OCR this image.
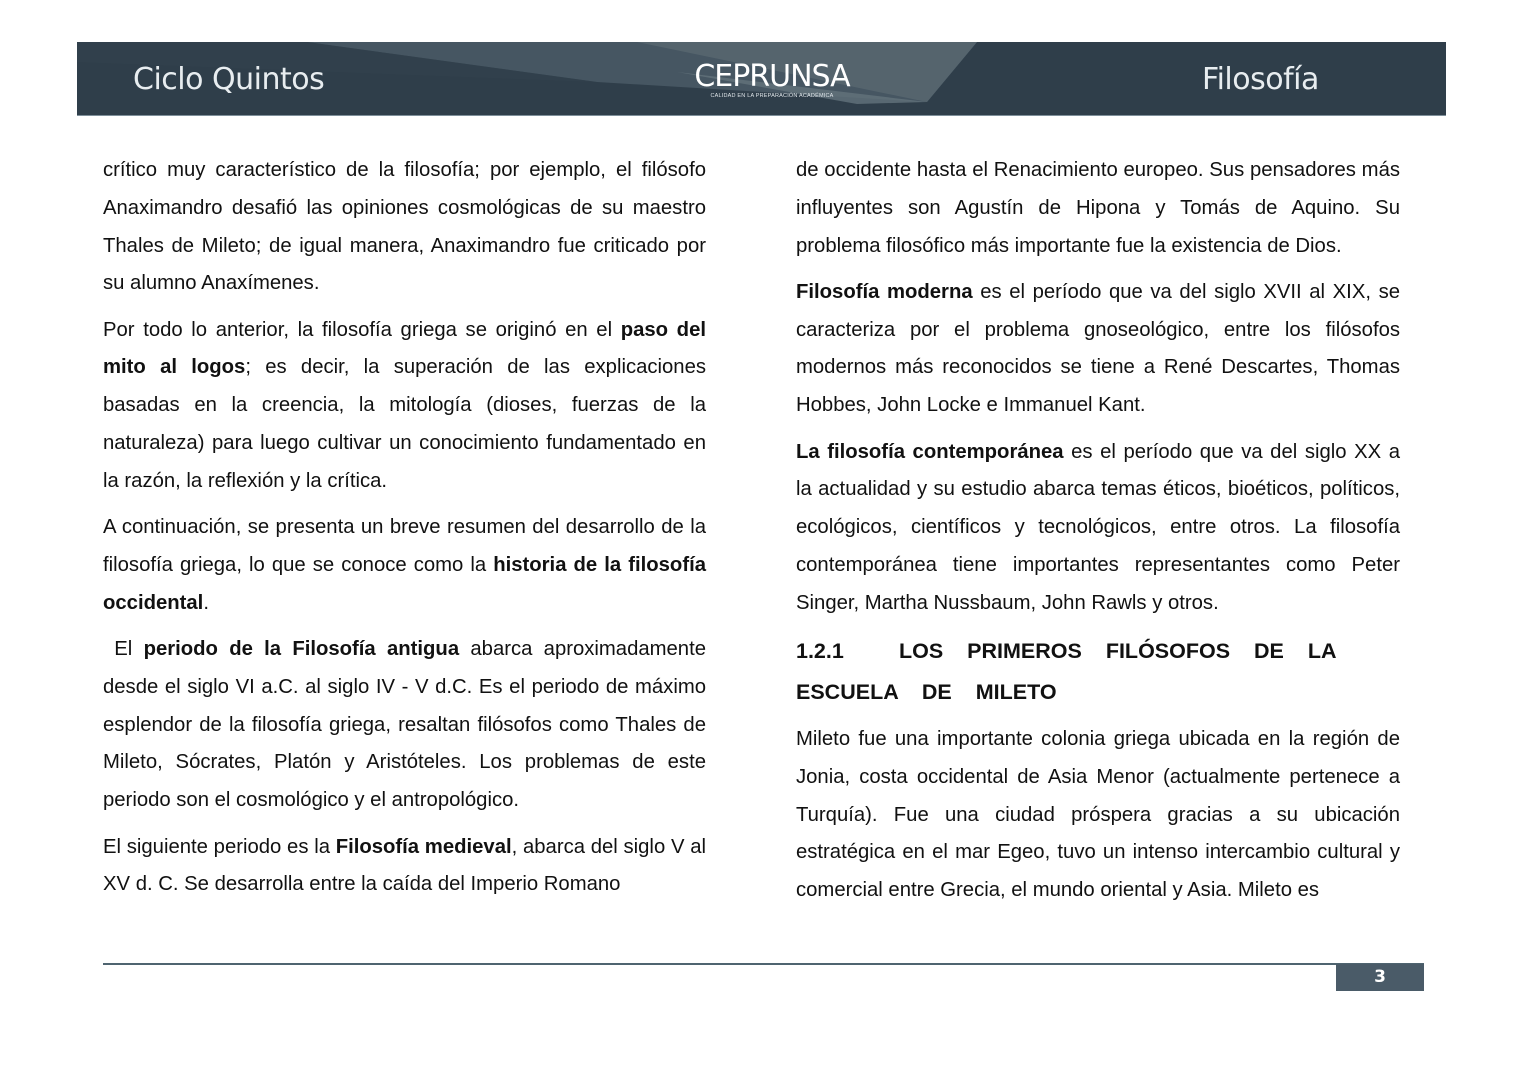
Ciclo Quintos	CEPRUNSA
CALIDAD EN LA PREPARACIÓN ACADÉMICA	Filosofía

crítico muy característico de la filosofía; por ejemplo, el filósofo Anaximandro desafió las opiniones cosmológicas de su maestro Thales de Mileto; de igual manera, Anaximandro fue criticado por su alumno Anaxímenes.

Por todo lo anterior, la filosofía griega se originó en el paso del mito al logos; es decir, la superación de las explicaciones basadas en la creencia, la mitología (dioses, fuerzas de la naturaleza) para luego cultivar un conocimiento fundamentado en la razón, la reflexión y la crítica.

A continuación, se presenta un breve resumen del desarrollo de la filosofía griega, lo que se conoce como la historia de la filosofía occidental.

El periodo de la Filosofía antigua abarca aproximadamente desde el siglo VI a.C. al siglo IV - V d.C. Es el periodo de máximo esplendor de la filosofía griega, resaltan filósofos como Thales de Mileto, Sócrates, Platón y Aristóteles. Los problemas de este periodo son el cosmológico y el antropológico.

El siguiente periodo es la Filosofía medieval, abarca del siglo V al XV d. C. Se desarrolla entre la caída del Imperio Romano

de occidente hasta el Renacimiento europeo. Sus pensadores más influyentes son Agustín de Hipona y Tomás de Aquino. Su problema filosófico más importante fue la existencia de Dios.

Filosofía moderna es el período que va del siglo XVII al XIX, se caracteriza por el problema gnoseológico, entre los filósofos modernos más reconocidos se tiene a René Descartes, Thomas Hobbes, John Locke e Immanuel Kant.

La filosofía contemporánea es el período que va del siglo XX a la actualidad y su estudio abarca temas éticos, bioéticos, políticos, ecológicos, científicos y tecnológicos, entre otros. La filosofía contemporánea tiene importantes representantes como Peter Singer, Martha Nussbaum, John Rawls y otros.

1.2.1	LOS PRIMEROS FILÓSOFOS DE LA ESCUELA DE MILETO

Mileto fue una importante colonia griega ubicada en la región de Jonia, costa occidental de Asia Menor (actualmente pertenece a Turquía). Fue una ciudad próspera gracias a su ubicación estratégica en el mar Egeo, tuvo un intenso intercambio cultural y comercial entre Grecia, el mundo oriental y Asia. Mileto es

3
